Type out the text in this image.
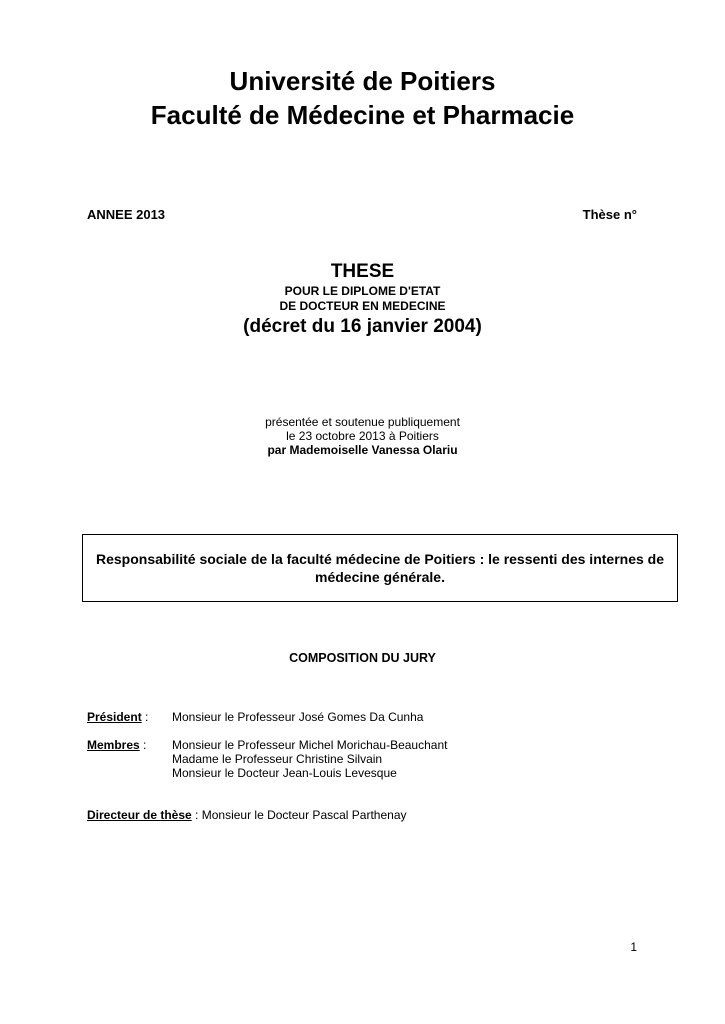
Université de Poitiers
Faculté de Médecine et Pharmacie
ANNEE 2013	Thèse n°
THESE
POUR LE DIPLOME D'ETAT
DE DOCTEUR EN MEDECINE
(décret du 16 janvier 2004)
présentée et soutenue publiquement
le 23 octobre 2013 à Poitiers
par Mademoiselle Vanessa Olariu
Responsabilité sociale de la faculté médecine de Poitiers : le ressenti des internes de médecine générale.
COMPOSITION DU JURY
Président : Monsieur le Professeur José Gomes Da Cunha
Membres : Monsieur le Professeur Michel Morichau-Beauchant
Madame le Professeur Christine Silvain
Monsieur le Docteur Jean-Louis Levesque
Directeur de thèse : Monsieur le Docteur Pascal Parthenay
1
